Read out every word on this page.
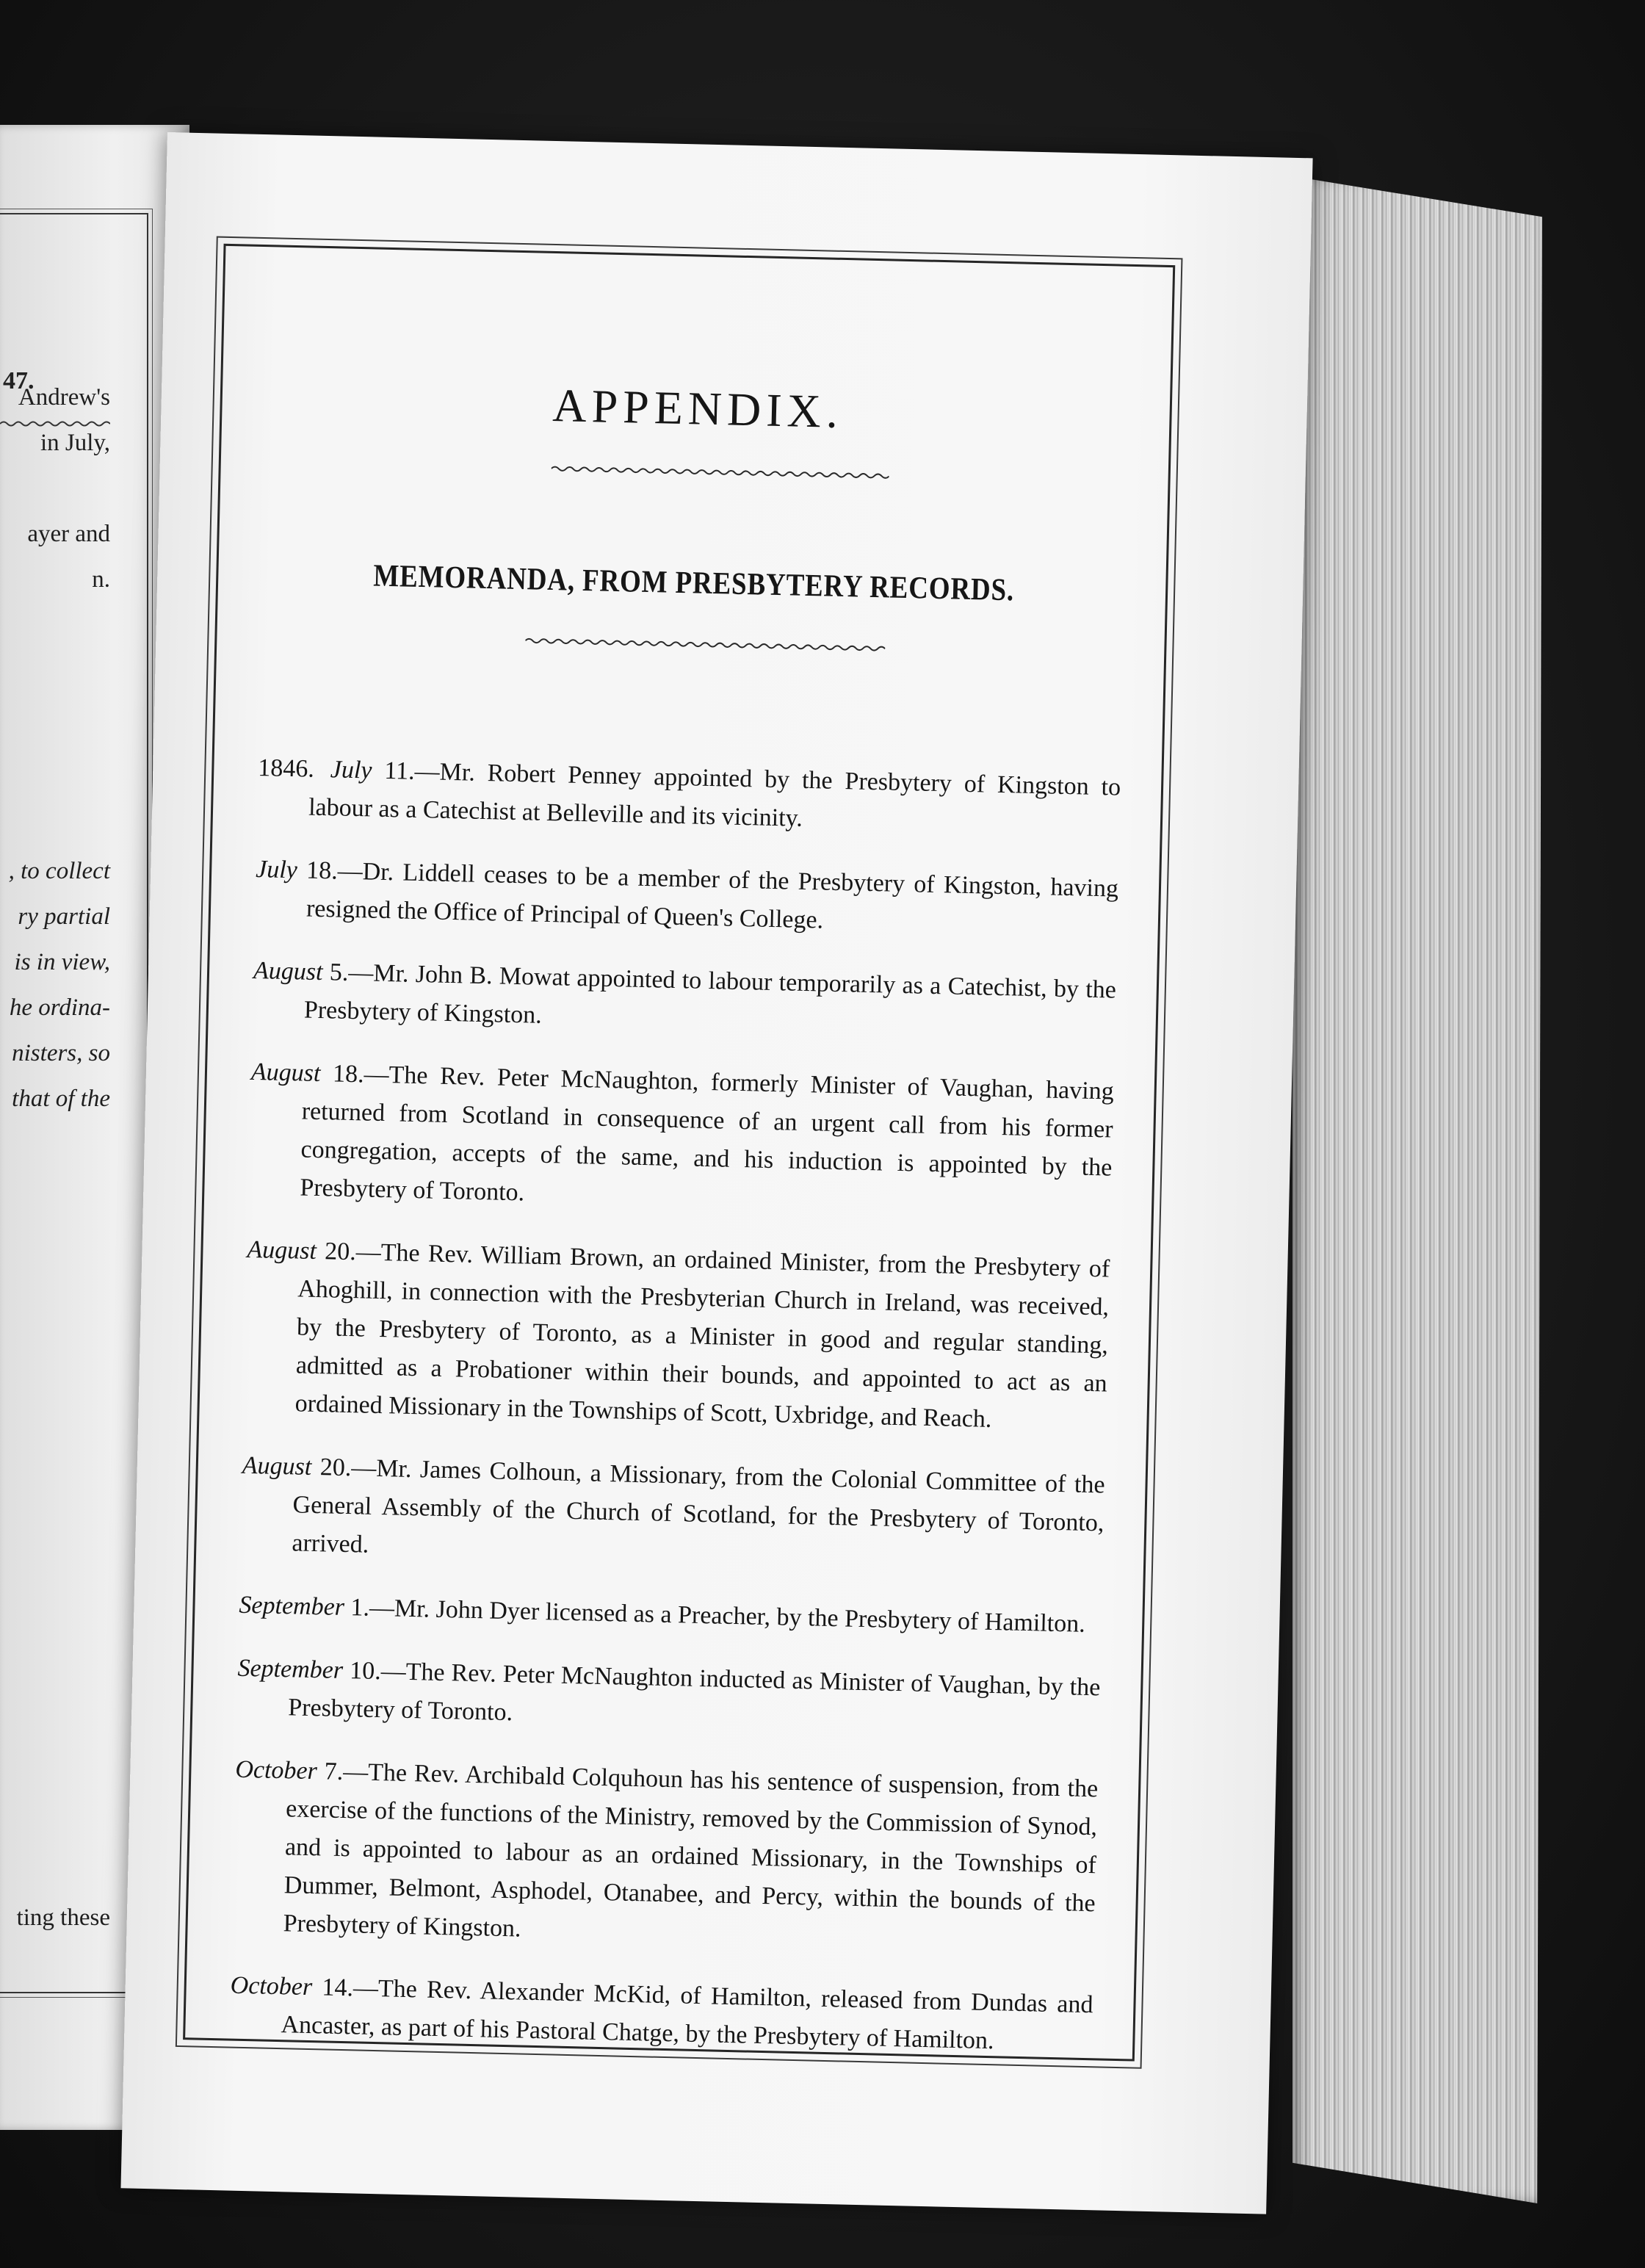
47.
Andrew's
in July,

ayer and
n.
, to collect
ry partial
is in view,
he ordina-
nisters, so
that of the
ting these
APPENDIX.
MEMORANDA, FROM PRESBYTERY RECORDS.

1846. July 11.—Mr. Robert Penney appointed by the Presbytery of Kingston to labour as a Catechist at Belleville and its vicinity.

July 18.—Dr. Liddell ceases to be a member of the Presbytery of Kingston, having resigned the Office of Principal of Queen's College.

August 5.—Mr. John B. Mowat appointed to labour temporarily as a Catechist, by the Presbytery of Kingston.

August 18.—The Rev. Peter McNaughton, formerly Minister of Vaughan, having returned from Scotland in consequence of an urgent call from his former congregation, accepts of the same, and his induction is appointed by the Presbytery of Toronto.

August 20.—The Rev. William Brown, an ordained Minister, from the Presbytery of Ahoghill, in connection with the Presbyterian Church in Ireland, was received, by the Presbytery of Toronto, as a Minister in good and regular standing, admitted as a Probationer within their bounds, and appointed to act as an ordained Missionary in the Townships of Scott, Uxbridge, and Reach.

August 20.—Mr. James Colhoun, a Missionary, from the Colonial Committee of the General Assembly of the Church of Scotland, for the Presbytery of Toronto, arrived.

September 1.—Mr. John Dyer licensed as a Preacher, by the Presbytery of Hamilton.

September 10.—The Rev. Peter McNaughton inducted as Minister of Vaughan, by the Presbytery of Toronto.

October 7.—The Rev. Archibald Colquhoun has his sentence of suspension, from the exercise of the functions of the Ministry, removed by the Commission of Synod, and is appointed to labour as an ordained Missionary, in the Townships of Dummer, Belmont, Asphodel, Otanabee, and Percy, within the bounds of the Presbytery of Kingston.

October 14.—The Rev. Alexander McKid, of Hamilton, released from Dundas and Ancaster, as part of his Pastoral Chatge, by the Presbytery of Hamilton.
